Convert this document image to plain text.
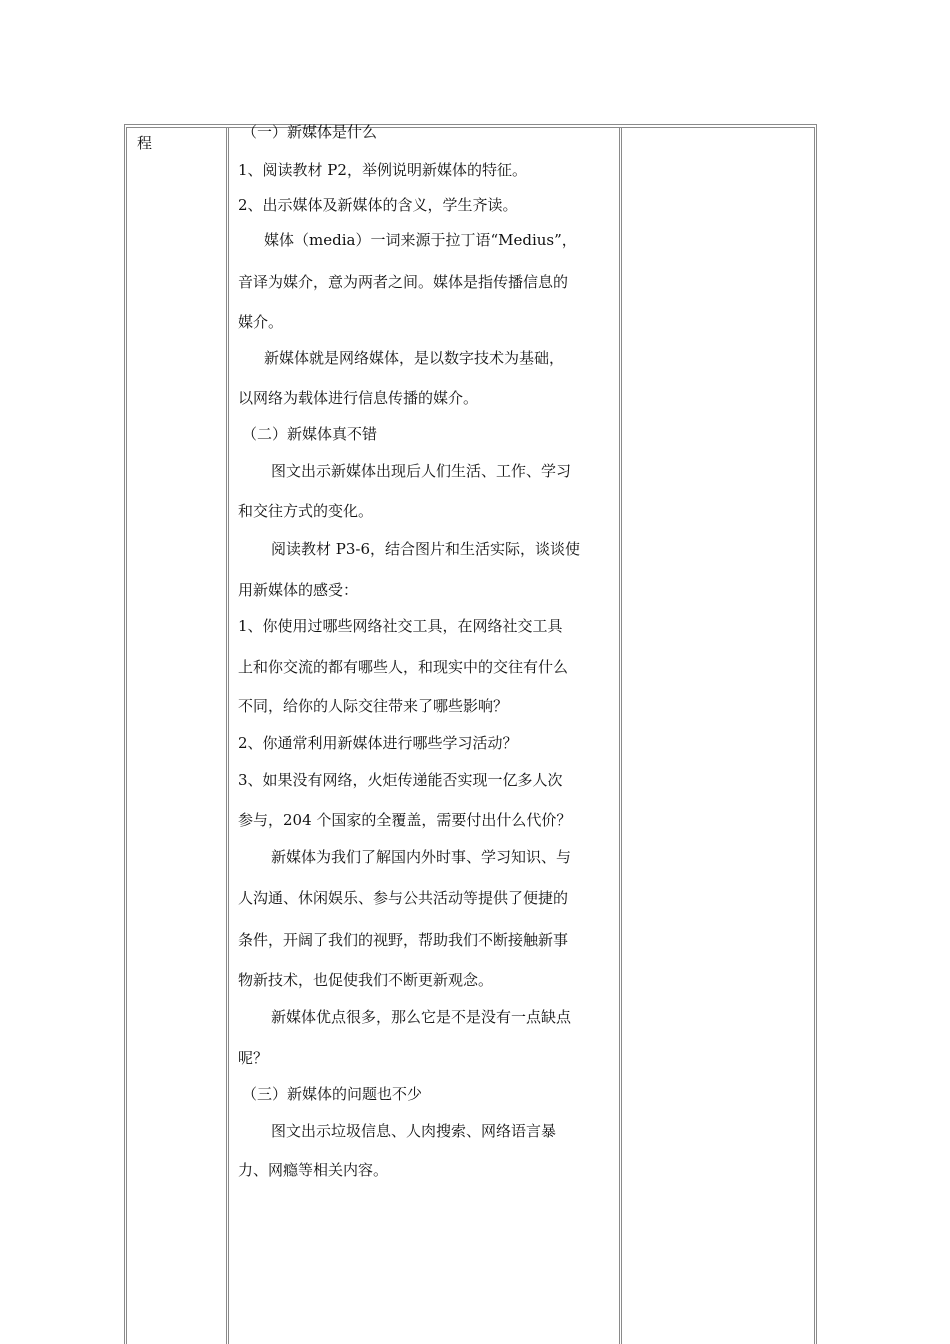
程
（一）新媒体是什么
1、阅读教材 P2，举例说明新媒体的特征。
2、出示媒体及新媒体的含义，学生齐读。
媒体（media）一词来源于拉丁语“Medius”，
音译为媒介，意为两者之间。媒体是指传播信息的
媒介。
新媒体就是网络媒体，是以数字技术为基础，
以网络为载体进行信息传播的媒介。
（二）新媒体真不错
图文出示新媒体出现后人们生活、工作、学习
和交往方式的变化。
阅读教材 P3-6，结合图片和生活实际，谈谈使
用新媒体的感受：
1、你使用过哪些网络社交工具，在网络社交工具
上和你交流的都有哪些人，和现实中的交往有什么
不同，给你的人际交往带来了哪些影响？
2、你通常利用新媒体进行哪些学习活动？
3、如果没有网络，火炬传递能否实现一亿多人次
参与，204 个国家的全覆盖，需要付出什么代价？
新媒体为我们了解国内外时事、学习知识、与
人沟通、休闲娱乐、参与公共活动等提供了便捷的
条件，开阔了我们的视野，帮助我们不断接触新事
物新技术，也促使我们不断更新观念。
新媒体优点很多，那么它是不是没有一点缺点
呢？
（三）新媒体的问题也不少
图文出示垃圾信息、人肉搜索、网络语言暴
力、网瘾等相关内容。
